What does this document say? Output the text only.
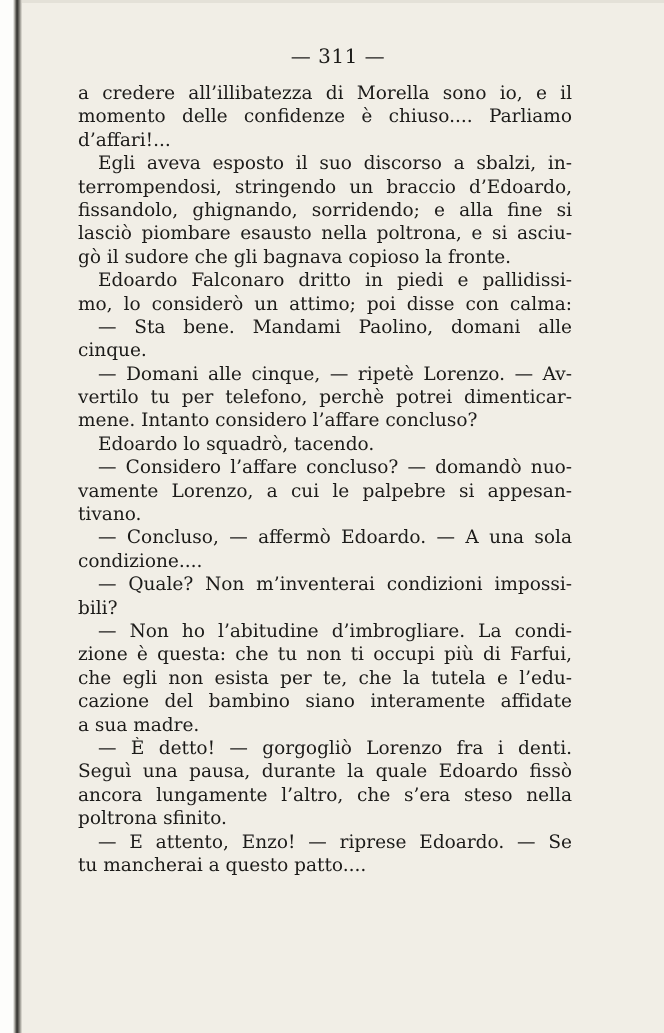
— 311 —
a credere all’illibatezza di Morella sono io, e il
momento delle confidenze è chiuso.... Parliamo
d’affari!...
Egli aveva esposto il suo discorso a sbalzi, in-
terrompendosi, stringendo un braccio d’Edoardo,
fissandolo, ghignando, sorridendo; e alla fine si
lasciò piombare esausto nella poltrona, e si asciu-
gò il sudore che gli bagnava copioso la fronte.
Edoardo Falconaro dritto in piedi e pallidissi-
mo, lo considerò un attimo; poi disse con calma:
— Sta bene. Mandami Paolino, domani alle
cinque.
— Domani alle cinque, — ripetè Lorenzo. — Av-
vertilo tu per telefono, perchè potrei dimenticar-
mene. Intanto considero l’affare concluso?
Edoardo lo squadrò, tacendo.
— Considero l’affare concluso? — domandò nuo-
vamente Lorenzo, a cui le palpebre si appesan-
tivano.
— Concluso, — affermò Edoardo. — A una sola
condizione....
— Quale? Non m’inventerai condizioni impossi-
bili?
— Non ho l’abitudine d’imbrogliare. La condi-
zione è questa: che tu non ti occupi più di Farfui,
che egli non esista per te, che la tutela e l’edu-
cazione del bambino siano interamente affidate
a sua madre.
— È detto! — gorgogliò Lorenzo fra i denti.
Seguì una pausa, durante la quale Edoardo fissò
ancora lungamente l’altro, che s’era steso nella
poltrona sfinito.
— E attento, Enzo! — riprese Edoardo. — Se
tu mancherai a questo patto....
